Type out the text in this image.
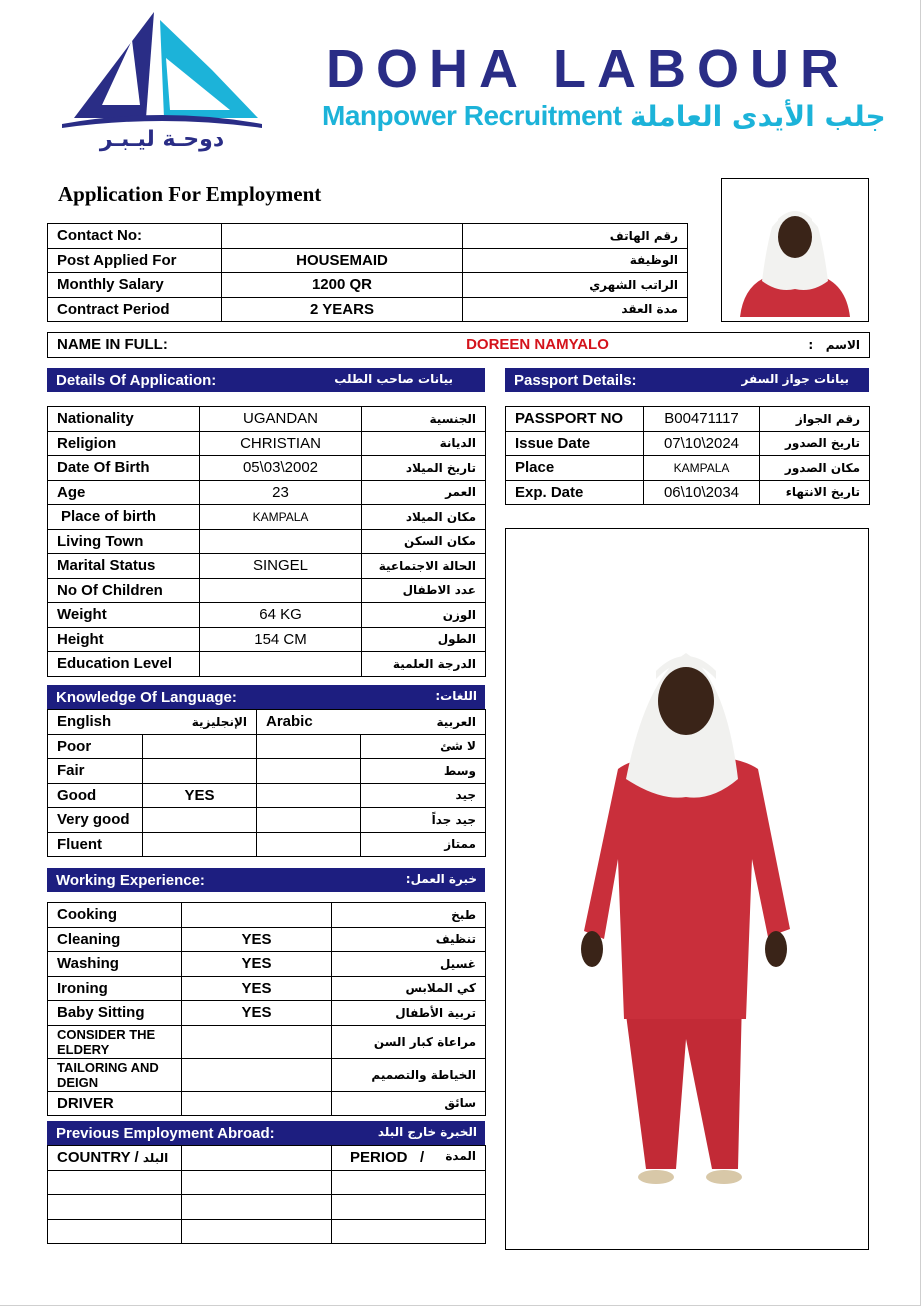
دوحـة ليـبـر
DOHA LABOUR
Manpower Recruitment جلب الأيدى العاملة
Application For Employment
Contact No:		رقم الهاتف
Post Applied For	HOUSEMAID	الوظيفة
Monthly Salary	1200 QR	الراتب الشهري
Contract Period	2 YEARS	مدة العقد
NAME IN FULL:	DOREEN NAMYALO	الاسم   :
Details Of Application:	بيانات صاحب الطلب	Passport Details:	بيانات جواز السفر
Nationality	UGANDAN	الجنسية
Religion	CHRISTIAN	الديانة
Date Of Birth	05\03\2002	تاريخ الميلاد
Age	23	العمر
Place of birth	KAMPALA	مكان الميلاد
Living Town		مكان السكن
Marital Status	SINGEL	الحالة الاجتماعية
No Of Children		عدد الاطفال
Weight	64 KG	الوزن
Height	154 CM	الطول
Education Level		الدرجة العلمية
PASSPORT NO	B00471117	رقم الجواز
Issue Date	07\10\2024	تاريخ الصدور
Place	KAMPALA	مكان الصدور
Exp. Date	06\10\2034	تاريخ الانتهاء
Knowledge Of Language:	اللغات:
English	الإنجليزية	Arabic	العربية
Poor			لا شئ
Fair			وسط
Good	YES		جيد
Very good			جيد جداً
Fluent			ممتاز
Working Experience:	خبرة العمل:
Cooking		طبخ
Cleaning	YES	تنظيف
Washing	YES	غسيل
Ironing	YES	كي الملابس
Baby Sitting	YES	تربية الأطفال
CONSIDER THE ELDERY		مراعاة كبار السن
TAILORING AND DEIGN		الخياطة والتصميم
DRIVER		سائق
Previous Employment Abroad:	الخبرة خارج البلد
COUNTRY / البلد		PERIOD / المدة
